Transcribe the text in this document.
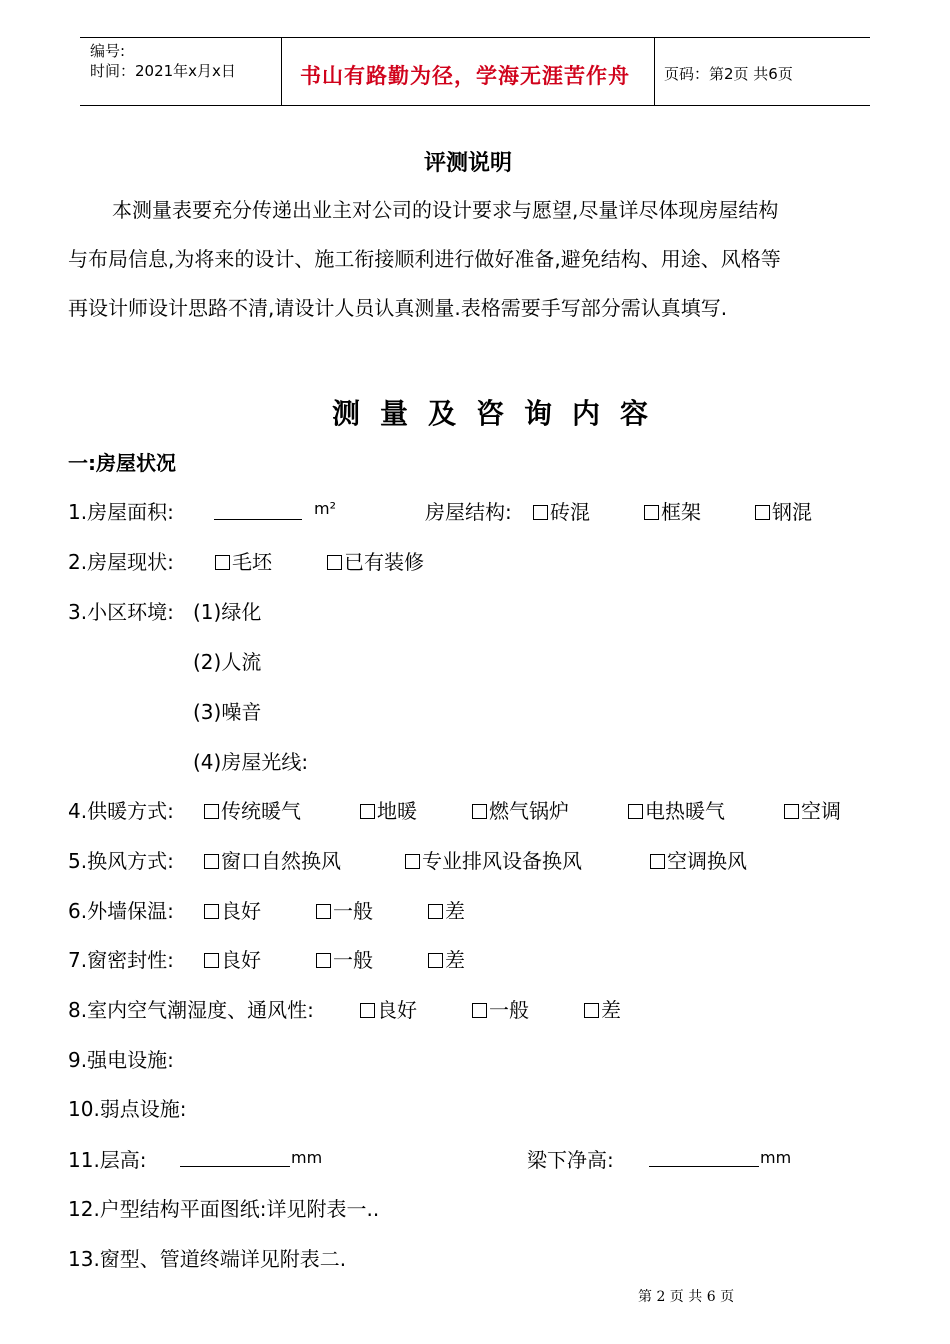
编号:
时间：2021年x月x日	书山有路勤为径，学海无涯苦作舟 页码：第2页 共6页
评测说明
本测量表要充分传递出业主对公司的设计要求与愿望,尽量详尽体现房屋结构
与布局信息,为将来的设计、施工衔接顺利进行做好准备,避免结构、用途、风格等
再设计师设计思路不清,请设计人员认真测量.表格需要手写部分需认真填写.
测量及咨询内容
一:房屋状况
1.房屋面积:	m²	房屋结构:	砖混	框架	钢混
2.房屋现状:	毛坯	已有装修
3.小区环境: (1)绿化
(2)人流
(3)噪音
(4)房屋光线:
4.供暖方式:	传统暖气	地暖	燃气锅炉	电热暖气	空调
5.换风方式:	窗口自然换风	专业排风设备换风	空调换风
6.外墙保温:	良好	一般	差
7.窗密封性:	良好	一般	差
8.室内空气潮湿度、通风性:	良好	一般	差
9.强电设施:
10.弱点设施:
11.层高:	mm	梁下净高:	mm
12.户型结构平面图纸:详见附表一..
13.窗型、管道终端详见附表二.
第 2 页 共 6 页
